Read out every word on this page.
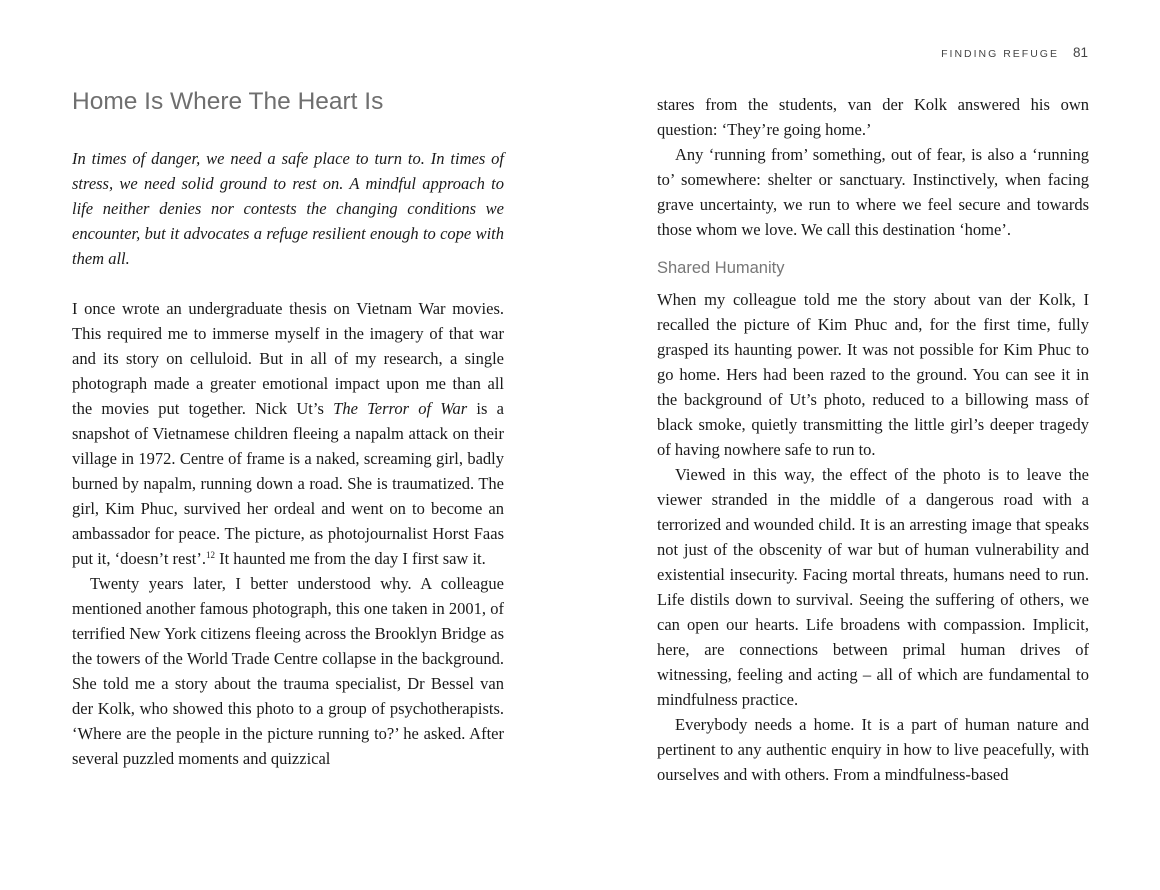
FINDING REFUGE 81
Home Is Where The Heart Is

In times of danger, we need a safe place to turn to. In times of stress, we need solid ground to rest on. A mindful approach to life neither denies nor contests the changing conditions we encounter, but it advocates a refuge resilient enough to cope with them all.

I once wrote an undergraduate thesis on Vietnam War movies. This required me to immerse myself in the imagery of that war and its story on celluloid. But in all of my research, a single photograph made a greater emotional impact upon me than all the movies put together. Nick Ut’s The Terror of War is a snapshot of Vietnamese children fleeing a napalm attack on their village in 1972. Centre of frame is a naked, screaming girl, badly burned by napalm, running down a road. She is traumatized. The girl, Kim Phuc, survived her ordeal and went on to become an ambassador for peace. The picture, as photojournalist Horst Faas put it, ‘doesn’t rest’.$^{12}$ It haunted me from the day I first saw it.

Twenty years later, I better understood why. A colleague mentioned another famous photograph, this one taken in 2001, of terrified New York citizens fleeing across the Brooklyn Bridge as the towers of the World Trade Centre collapse in the background. She told me a story about the trauma specialist, Dr Bessel van der Kolk, who showed this photo to a group of psychotherapists. ‘Where are the people in the picture running to?’ he asked. After several puzzled moments and quizzical

stares from the students, van der Kolk answered his own question: ‘They’re going home.’

Any ‘running from’ something, out of fear, is also a ‘running to’ somewhere: shelter or sanctuary. Instinctively, when facing grave uncertainty, we run to where we feel secure and towards those whom we love. We call this destination ‘home’.

Shared Humanity

When my colleague told me the story about van der Kolk, I recalled the picture of Kim Phuc and, for the first time, fully grasped its haunting power. It was not possible for Kim Phuc to go home. Hers had been razed to the ground. You can see it in the background of Ut’s photo, reduced to a billowing mass of black smoke, quietly transmitting the little girl’s deeper tragedy of having nowhere safe to run to.

Viewed in this way, the effect of the photo is to leave the viewer stranded in the middle of a dangerous road with a terrorized and wounded child. It is an arresting image that speaks not just of the obscenity of war but of human vulnerability and existential insecurity. Facing mortal threats, humans need to run. Life distils down to survival. Seeing the suffering of others, we can open our hearts. Life broadens with compassion. Implicit, here, are connections between primal human drives of witnessing, feeling and acting – all of which are fundamental to mindfulness practice.

Everybody needs a home. It is a part of human nature and pertinent to any authentic enquiry in how to live peacefully, with ourselves and with others. From a mindfulness-based
